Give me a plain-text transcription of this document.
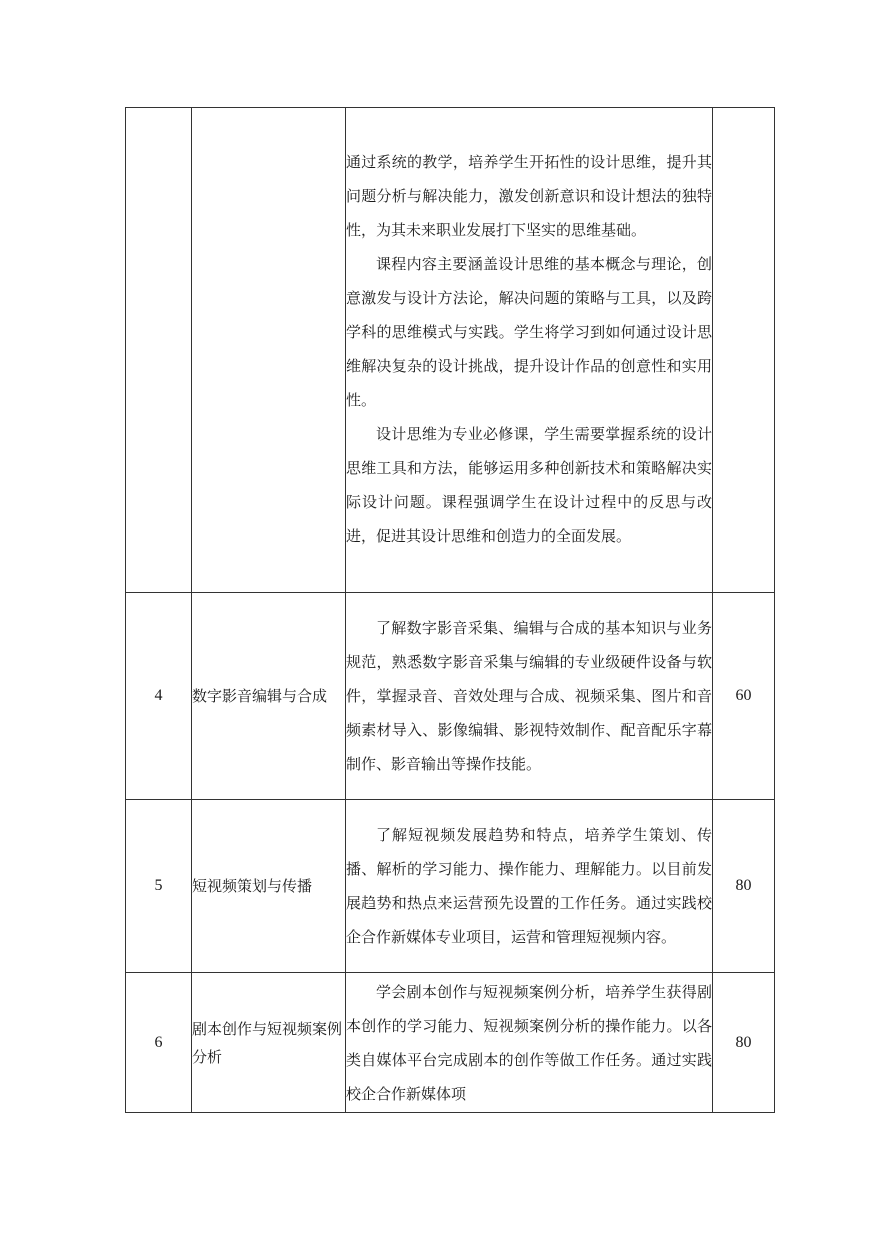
		通过系统的教学，培养学生开拓性的设计思维，提升其问题分析与解决能力，激发创新意识和设计想法的独特性，为其未来职业发展打下坚实的思维基础。

课程内容主要涵盖设计思维的基本概念与理论，创意激发与设计方法论，解决问题的策略与工具，以及跨学科的思维模式与实践。学生将学习到如何通过设计思维解决复杂的设计挑战，提升设计作品的创意性和实用性。

设计思维为专业必修课，学生需要掌握系统的设计思维工具和方法，能够运用多种创新技术和策略解决实际设计问题。课程强调学生在设计过程中的反思与改进，促进其设计思维和创造力的全面发展。	

4	数字影音编辑与合成	了解数字影音采集、编辑与合成的基本知识与业务规范，熟悉数字影音采集与编辑的专业级硬件设备与软件，掌握录音、音效处理与合成、视频采集、图片和音频素材导入、影像编辑、影视特效制作、配音配乐字幕制作、影音输出等操作技能。	60
5	短视频策划与传播	了解短视频发展趋势和特点，培养学生策划、传播、解析的学习能力、操作能力、理解能力。以目前发展趋势和热点来运营预先设置的工作任务。通过实践校企合作新媒体专业项目，运营和管理短视频内容。	80
6	剧本创作与短视频案例分析	学会剧本创作与短视频案例分析，培养学生获得剧本创作的学习能力、短视频案例分析的操作能力。以各类自媒体平台完成剧本的创作等做工作任务。通过实践校企合作新媒体项	80
